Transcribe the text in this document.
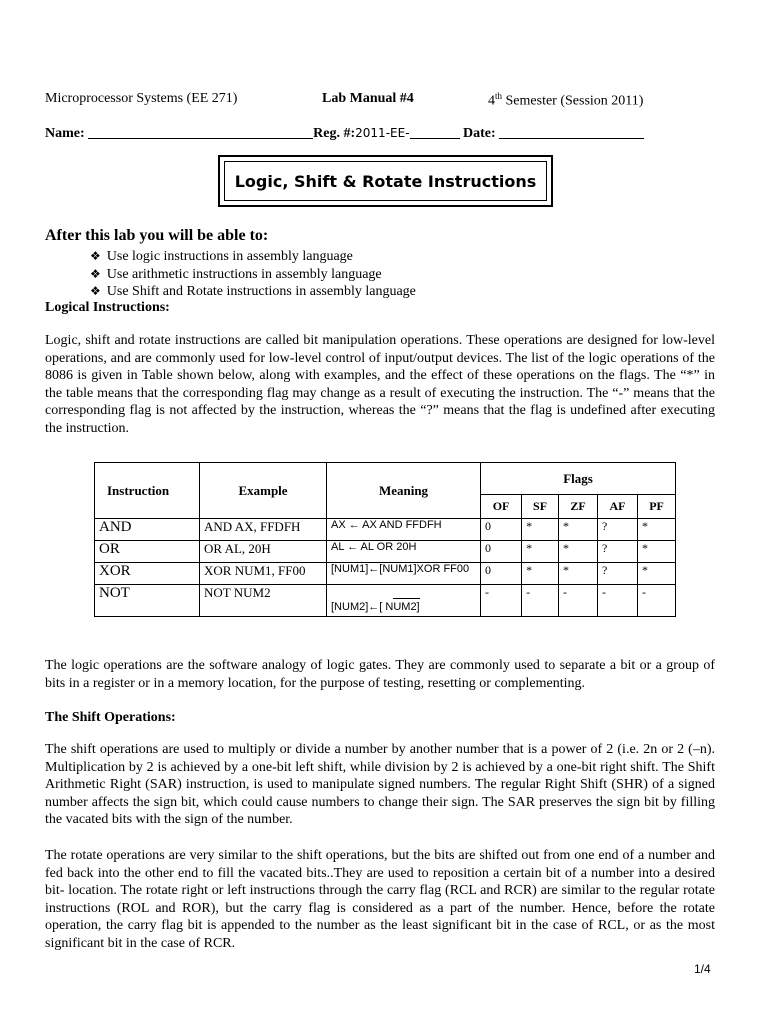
Microprocessor Systems (EE 271)	Lab Manual #4	4th Semester (Session 2011)
Name:	Reg. #:2011-EE-	Date:
Logic, Shift & Rotate Instructions
After this lab you will be able to:
❖ Use logic instructions in assembly language
❖ Use arithmetic instructions in assembly language
❖ Use Shift and Rotate instructions in assembly language
Logical Instructions:

Logic, shift and rotate instructions are called bit manipulation operations. These operations are designed for low-level operations, and are commonly used for low-level control of input/output devices. The list of the logic operations of the 8086 is given in Table shown below, along with examples, and the effect of these operations on the flags. The “*” in the table means that the corresponding flag may change as a result of executing the instruction. The “-” means that the corresponding flag is not affected by the instruction, whereas the “?” means that the flag is undefined after executing the instruction.

Instruction	Example	Meaning	Flags				
			OF	SF	ZF	AF	PF
AND	AND AX, FFDFH	AX ← AX AND FFDFH	0	*	*	?	*
OR	OR AL, 20H	AL ← AL OR 20H	0	*	*	?	*
XOR	XOR NUM1, FF00	[NUM1]←[NUM1]XOR FF00	0	*	*	?	*
NOT	NOT NUM2	[NUM2]←[ NUM2]	-	-	-	-	-

The logic operations are the software analogy of logic gates. They are commonly used to separate a bit or a group of bits in a register or in a memory location, for the purpose of testing, resetting or complementing.

The Shift Operations:

The shift operations are used to multiply or divide a number by another number that is a power of 2 (i.e. 2n or 2 (–n). Multiplication by 2 is achieved by a one-bit left shift, while division by 2 is achieved by a one-bit right shift. The Shift Arithmetic Right (SAR) instruction, is used to manipulate signed numbers. The regular Right Shift (SHR) of a signed number affects the sign bit, which could cause numbers to change their sign. The SAR preserves the sign bit by filling the vacated bits with the sign of the number.

The rotate operations are very similar to the shift operations, but the bits are shifted out from one end of a number and fed back into the other end to fill the vacated bits..They are used to reposition a certain bit of a number into a desired bit- location. The rotate right or left instructions through the carry flag (RCL and RCR) are similar to the regular rotate instructions (ROL and ROR), but the carry flag is considered as a part of the number. Hence, before the rotate operation, the carry flag bit is appended to the number as the least significant bit in the case of RCL, or as the most significant bit in the case of RCR.

1/4
